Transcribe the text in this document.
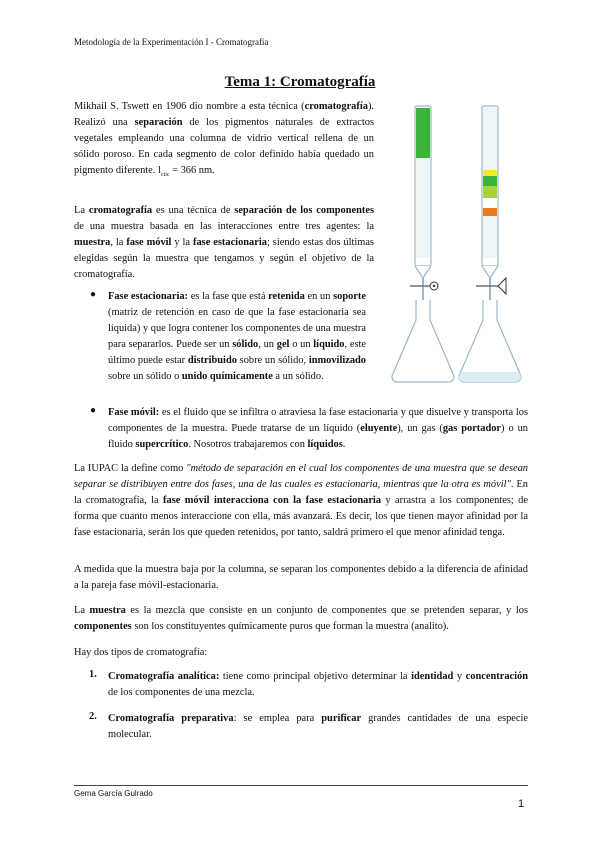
Metodología de la Experimentación I - Cromatografía
Tema 1: Cromatografía
Mikhail S. Tswett en 1906 dio nombre a esta técnica (cromatografía). Realizó una separación de los pigmentos naturales de extractos vegetales empleando una columna de vidrio vertical rellena de un sólido poroso. En cada segmento de color definido había quedado un pigmento diferente. $l_{ctic} = 366$ nm.
La cromatografía es una técnica de separación de los componentes de una muestra basada en las interacciones entre tres agentes: la muestra, la fase móvil y la fase estacionaria; siendo estas dos últimas elegidas según la muestra que tengamos y según el objetivo de la cromatografía.
● Fase estacionaria: es la fase que está retenida en un soporte (matriz de retención en caso de que la fase estacionaria sea líquida) y que logra contener los componentes de una muestra para separarlos. Puede ser un sólido, un gel o un líquido, este último puede estar distribuido sobre un sólido, inmovilizado sobre un sólido o unido químicamente a un sólido.
● Fase móvil: es el fluido que se infiltra o atraviesa la fase estacionaria y que disuelve y transporta los componentes de la muestra. Puede tratarse de un líquido (eluyente), un gas (gas portador) o un fluido supercrítico. Nosotros trabajaremos con líquidos.
La IUPAC la define como "método de separación en el cual los componentes de una muestra que se desean separar se distribuyen entre dos fases, una de las cuales es estacionaria, mientras que la otra es móvil". En la cromatografía, la fase móvil interacciona con la fase estacionaria y arrastra a los componentes; de forma que cuanto menos interaccione con ella, más avanzará. Es decir, los que tienen mayor afinidad por la fase estacionaria, serán los que queden retenidos, por tanto, saldrá primero el que menor afinidad tenga.
A medida que la muestra baja por la columna, se separan los componentes debido a la diferencia de afinidad a la pareja fase móvil-estacionaria.
La muestra es la mezcla que consiste en un conjunto de componentes que se pretenden separar, y los componentes son los constituyentes químicamente puros que forman la muestra (analito).
Hay dos tipos de cromatografía:
1. Cromatografía analítica: tiene como principal objetivo determinar la identidad y concentración de los componentes de una mezcla.
2. Cromatografía preparativa: se emplea para purificar grandes cantidades de una especie molecular.
Gema García Gulrado
1
